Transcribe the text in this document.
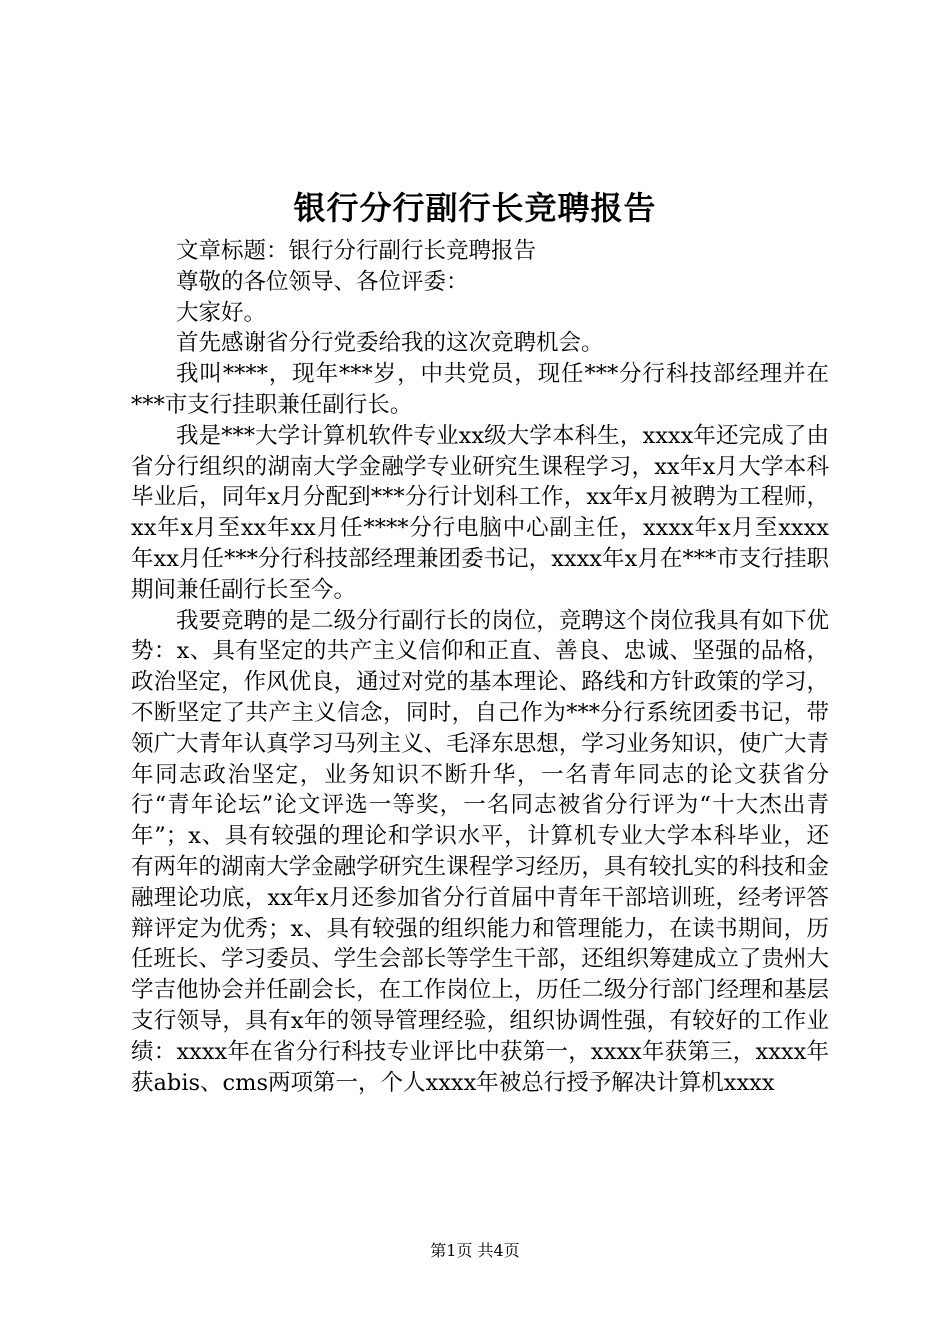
银行分行副行长竞聘报告

文章标题：银行分行副行长竞聘报告

尊敬的各位领导、各位评委：

大家好。

首先感谢省分行党委给我的这次竞聘机会。

我叫****，现年***岁，中共党员，现任***分行科技部经理并在***市支行挂职兼任副行长。

我是***大学计算机软件专业xx级大学本科生，xxxx年还完成了由省分行组织的湖南大学金融学专业研究生课程学习，xx年x月大学本科毕业后，同年x月分配到***分行计划科工作，xx年x月被聘为工程师，xx年x月至xx年xx月任****分行电脑中心副主任，xxxx年x月至xxxx年xx月任***分行科技部经理兼团委书记，xxxx年x月在***市支行挂职期间兼任副行长至今。

我要竞聘的是二级分行副行长的岗位，竞聘这个岗位我具有如下优势：x、具有坚定的共产主义信仰和正直、善良、忠诚、坚强的品格，政治坚定，作风优良，通过对党的基本理论、路线和方针政策的学习，不断坚定了共产主义信念，同时，自己作为***分行系统团委书记，带领广大青年认真学习马列主义、毛泽东思想，学习业务知识，使广大青年同志政治坚定，业务知识不断升华，一名青年同志的论文获省分行“青年论坛”论文评选一等奖，一名同志被省分行评为“十大杰出青年”；x、具有较强的理论和学识水平，计算机专业大学本科毕业，还有两年的湖南大学金融学研究生课程学习经历，具有较扎实的科技和金融理论功底，xx年x月还参加省分行首届中青年干部培训班，经考评答辩评定为优秀；x、具有较强的组织能力和管理能力，在读书期间，历任班长、学习委员、学生会部长等学生干部，还组织筹建成立了贵州大学吉他协会并任副会长，在工作岗位上，历任二级分行部门经理和基层支行领导，具有x年的领导管理经验，组织协调性强，有较好的工作业绩：xxxx年在省分行科技专业评比中获第一，xxxx年获第三，xxxx年获abis、cms两项第一，个人xxxx年被总行授予解决计算机xxxx

第1页 共4页
